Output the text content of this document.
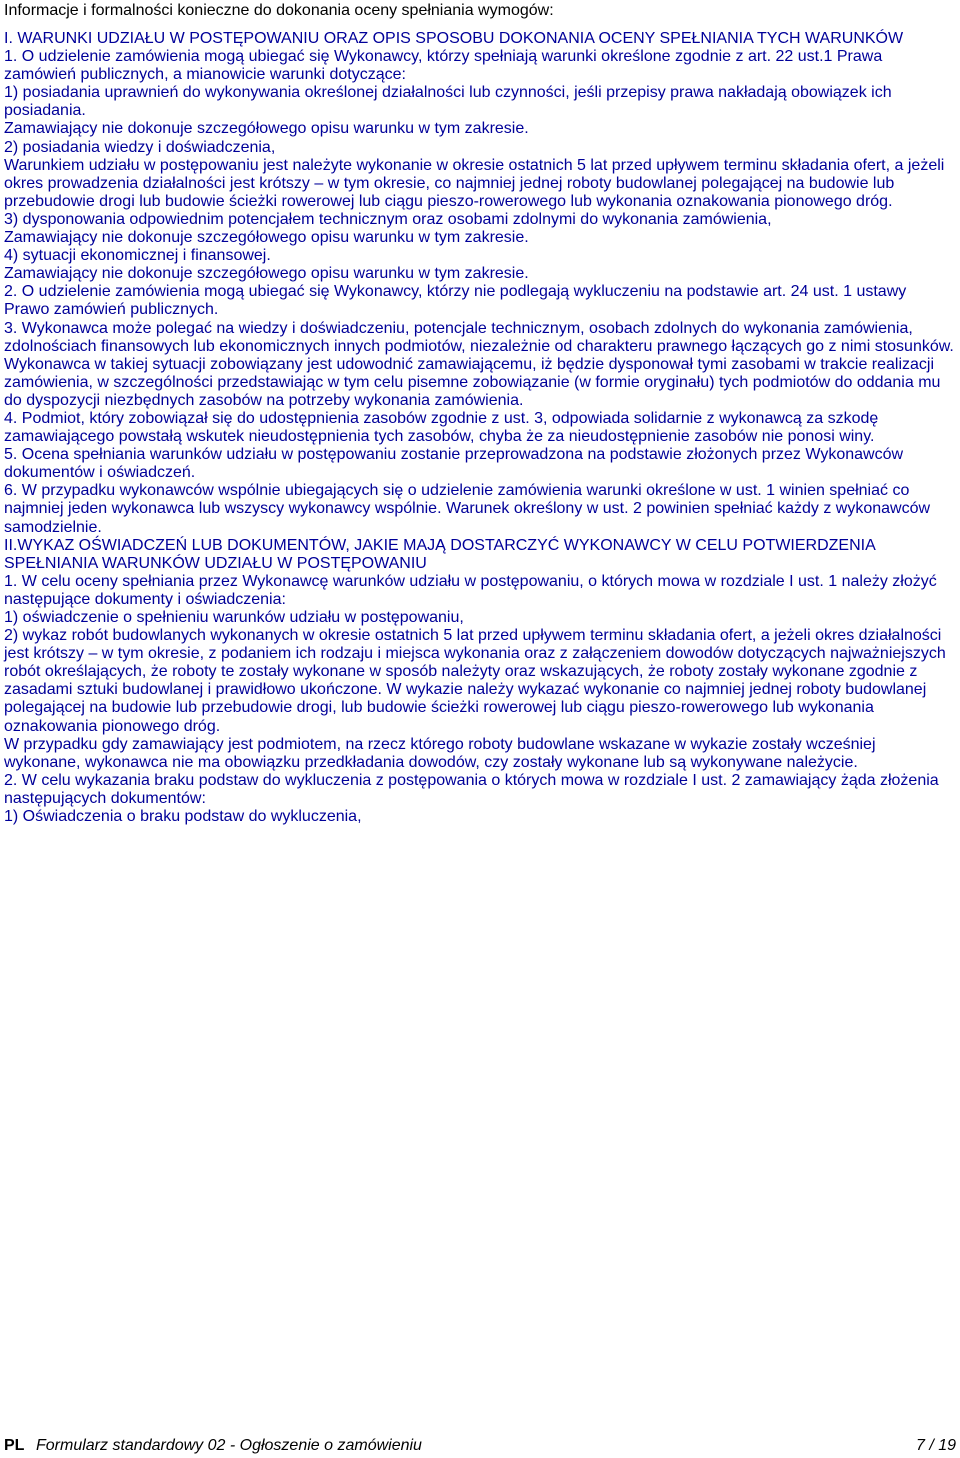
Informacje i formalności konieczne do dokonania oceny spełniania wymogów:

I. WARUNKI UDZIAŁU W POSTĘPOWANIU ORAZ OPIS SPOSOBU DOKONANIA OCENY SPEŁNIANIA TYCH WARUNKÓW

1. O udzielenie zamówienia mogą ubiegać się Wykonawcy, którzy spełniają warunki określone zgodnie z art. 22 ust.1 Prawa zamówień publicznych, a mianowicie warunki dotyczące:

1) posiadania uprawnień do wykonywania określonej działalności lub czynności, jeśli przepisy prawa nakładają obowiązek ich posiadania.

Zamawiający nie dokonuje szczegółowego opisu warunku w tym zakresie.

2) posiadania wiedzy i doświadczenia,

Warunkiem udziału w postępowaniu jest należyte wykonanie w okresie ostatnich 5 lat przed upływem terminu składania ofert, a jeżeli okres prowadzenia działalności jest krótszy – w tym okresie, co najmniej jednej roboty budowlanej polegającej na budowie lub przebudowie drogi lub budowie ścieżki rowerowej lub ciągu pieszo-rowerowego lub wykonania oznakowania pionowego dróg.

3) dysponowania odpowiednim potencjałem technicznym oraz osobami zdolnymi do wykonania zamówienia,

Zamawiający nie dokonuje szczegółowego opisu warunku w tym zakresie.

4) sytuacji ekonomicznej i finansowej.

Zamawiający nie dokonuje szczegółowego opisu warunku w tym zakresie.

2. O udzielenie zamówienia mogą ubiegać się Wykonawcy, którzy nie podlegają wykluczeniu na podstawie art. 24 ust. 1 ustawy Prawo zamówień publicznych.

3. Wykonawca może polegać na wiedzy i doświadczeniu, potencjale technicznym, osobach zdolnych do wykonania zamówienia, zdolnościach finansowych lub ekonomicznych innych podmiotów, niezależnie od charakteru prawnego łączących go z nimi stosunków. Wykonawca w takiej sytuacji zobowiązany jest udowodnić zamawiającemu, iż będzie dysponował tymi zasobami w trakcie realizacji zamówienia, w szczególności przedstawiając w tym celu pisemne zobowiązanie (w formie oryginału) tych podmiotów do oddania mu do dyspozycji niezbędnych zasobów na potrzeby wykonania zamówienia.

4. Podmiot, który zobowiązał się do udostępnienia zasobów zgodnie z ust. 3, odpowiada solidarnie z wykonawcą za szkodę zamawiającego powstałą wskutek nieudostępnienia tych zasobów, chyba że za nieudostępnienie zasobów nie ponosi winy.

5. Ocena spełniania warunków udziału w postępowaniu zostanie przeprowadzona na podstawie złożonych przez Wykonawców dokumentów i oświadczeń.

6. W przypadku wykonawców wspólnie ubiegających się o udzielenie zamówienia warunki określone w ust. 1 winien spełniać co najmniej jeden wykonawca lub wszyscy wykonawcy wspólnie. Warunek określony w ust. 2 powinien spełniać każdy z wykonawców samodzielnie.

II.WYKAZ OŚWIADCZEŃ LUB DOKUMENTÓW, JAKIE MAJĄ DOSTARCZYĆ WYKONAWCY W CELU POTWIERDZENIA SPEŁNIANIA WARUNKÓW UDZIAŁU W POSTĘPOWANIU

1. W celu oceny spełniania przez Wykonawcę warunków udziału w postępowaniu, o których mowa w rozdziale I ust. 1 należy złożyć następujące dokumenty i oświadczenia:

1) oświadczenie o spełnieniu warunków udziału w postępowaniu,

2) wykaz robót budowlanych wykonanych w okresie ostatnich 5 lat przed upływem terminu składania ofert, a jeżeli okres działalności jest krótszy – w tym okresie, z podaniem ich rodzaju i miejsca wykonania oraz z załączeniem dowodów dotyczących najważniejszych robót określających, że roboty te zostały wykonane w sposób należyty oraz wskazujących, że roboty zostały wykonane zgodnie z zasadami sztuki budowlanej i prawidłowo ukończone. W wykazie należy wykazać wykonanie co najmniej jednej roboty budowlanej polegającej na budowie lub przebudowie drogi, lub budowie ścieżki rowerowej lub ciągu pieszo-rowerowego lub wykonania oznakowania pionowego dróg.

W przypadku gdy zamawiający jest podmiotem, na rzecz którego roboty budowlane wskazane w wykazie zostały wcześniej wykonane, wykonawca nie ma obowiązku przedkładania dowodów, czy zostały wykonane lub są wykonywane należycie.

2. W celu wykazania braku podstaw do wykluczenia z postępowania o których mowa w rozdziale I ust. 2 zamawiający żąda złożenia następujących dokumentów:

1) Oświadczenia o braku podstaw do wykluczenia,

PL Formularz standardowy 02 - Ogłoszenie o zamówieniu	7 / 19
